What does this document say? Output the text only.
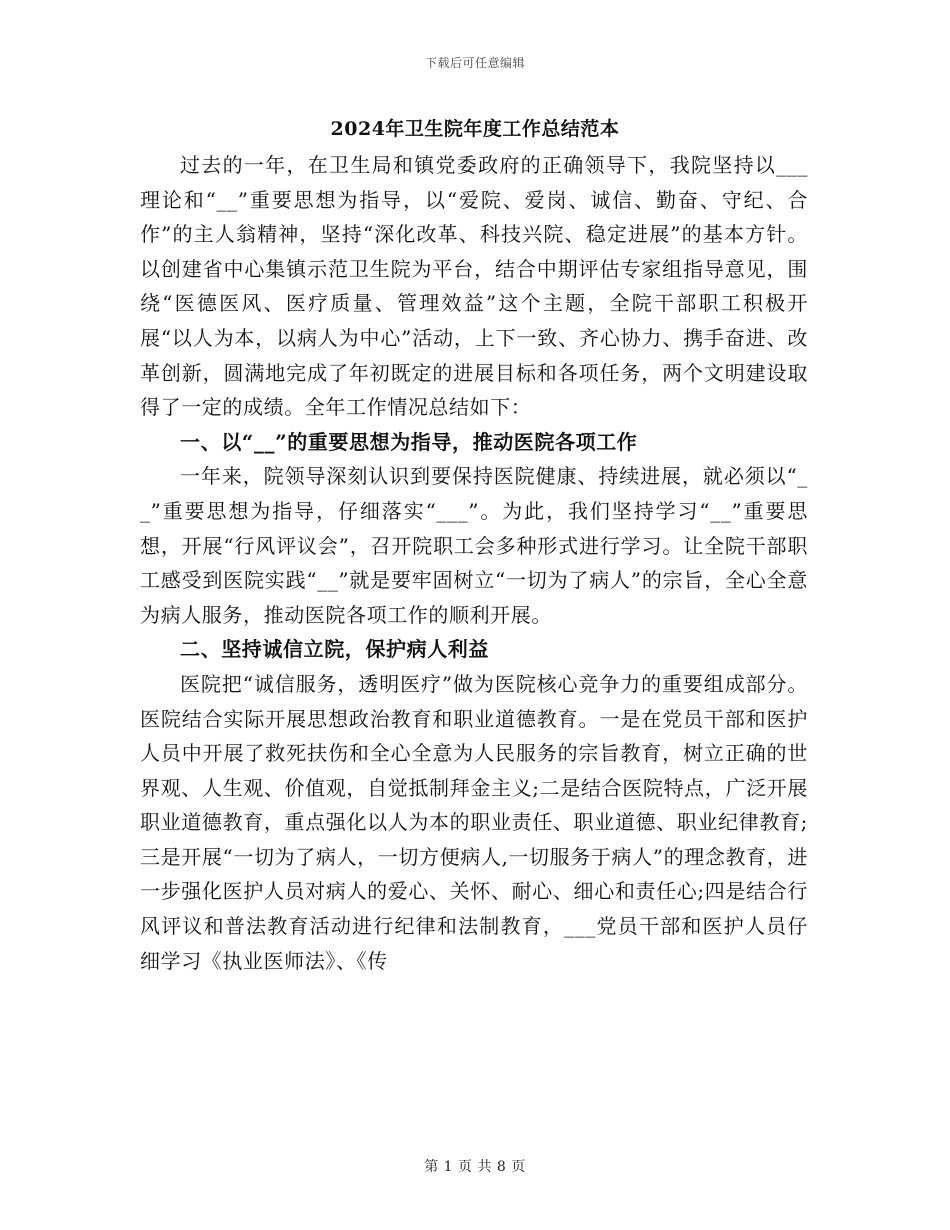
下载后可任意编辑
2024年卫生院年度工作总结范本

过去的一年，在卫生局和镇党委政府的正确领导下，我院坚持以___理论和“__”重要思想为指导，以“爱院、爱岗、诚信、勤奋、守纪、合作”的主人翁精神，坚持“深化改革、科技兴院、稳定进展”的基本方针。以创建省中心集镇示范卫生院为平台，结合中期评估专家组指导意见，围绕“医德医风、医疗质量、管理效益”这个主题，全院干部职工积极开展“以人为本，以病人为中心”活动，上下一致、齐心协力、携手奋进、改革创新，圆满地完成了年初既定的进展目标和各项任务，两个文明建设取得了一定的成绩。全年工作情况总结如下：

一、以“__”的重要思想为指导，推动医院各项工作

一年来，院领导深刻认识到要保持医院健康、持续进展，就必须以“__”重要思想为指导，仔细落实“___”。为此，我们坚持学习“__”重要思想，开展“行风评议会”，召开院职工会多种形式进行学习。让全院干部职工感受到医院实践“__”就是要牢固树立“一切为了病人”的宗旨，全心全意为病人服务，推动医院各项工作的顺利开展。

二、坚持诚信立院，保护病人利益

医院把“诚信服务，透明医疗”做为医院核心竞争力的重要组成部分。医院结合实际开展思想政治教育和职业道德教育。一是在党员干部和医护人员中开展了救死扶伤和全心全意为人民服务的宗旨教育，树立正确的世界观、人生观、价值观，自觉抵制拜金主义;二是结合医院特点，广泛开展职业道德教育，重点强化以人为本的职业责任、职业道德、职业纪律教育;三是开展“一切为了病人，一切方便病人,一切服务于病人”的理念教育，进一步强化医护人员对病人的爱心、关怀、耐心、细心和责任心;四是结合行风评议和普法教育活动进行纪律和法制教育，___党员干部和医护人员仔细学习《执业医师法》、《传

第 1 页 共 8 页
